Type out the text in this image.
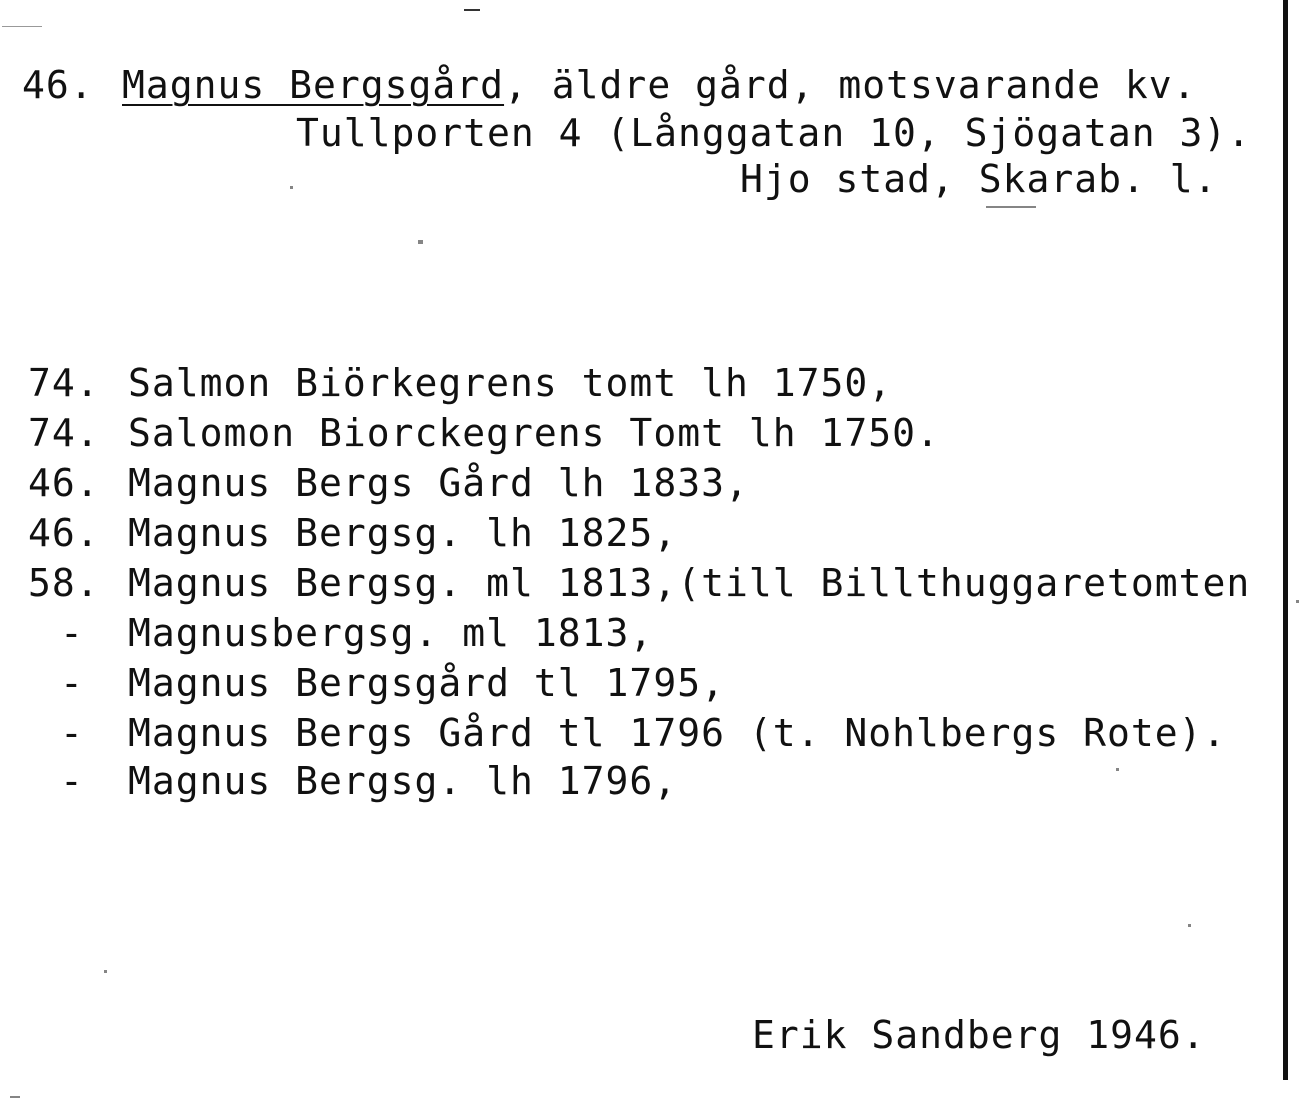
46. Magnus Bergsgård, äldre gård, motsvarande kv.
Tullporten 4 (Långgatan 10, Sjögatan 3).
Hjo stad, Skarab. l.
74. Salmon Biörkegrens tomt lh 1750,
74. Salomon Biorckegrens Tomt lh 1750.
46. Magnus Bergs Gård lh 1833,
46. Magnus Bergsg. lh 1825,
58. Magnus Bergsg. ml 1813,(till Billthuggaretomten
- Magnusbergsg. ml 1813,
- Magnus Bergsgård tl 1795,
- Magnus Bergs Gård tl 1796 (t. Nohlbergs Rote).
- Magnus Bergsg. lh 1796,
Erik Sandberg 1946.
